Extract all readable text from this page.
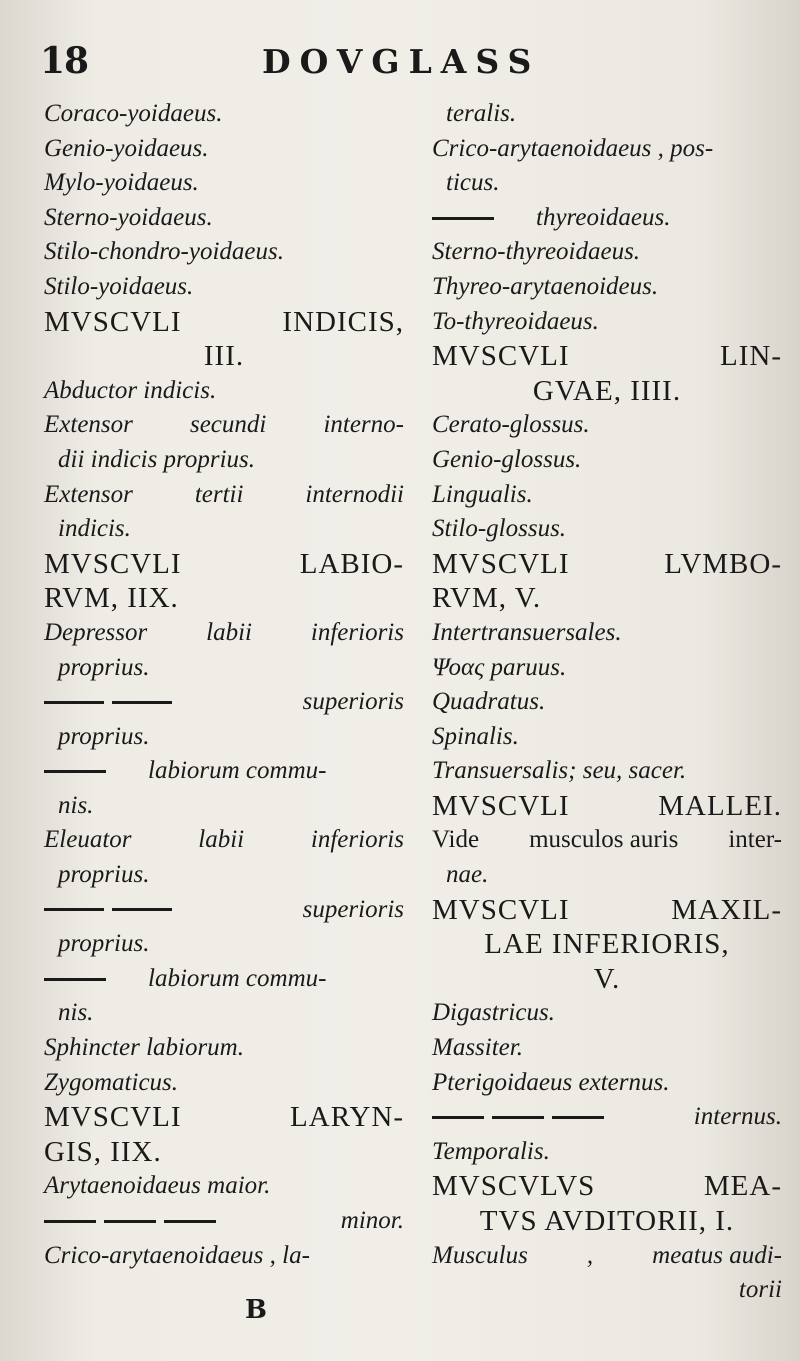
18	DOVGLASS
Coraco-yoidaeus.
Genio-yoidaeus.
Mylo-yoidaeus.
Sterno-yoidaeus.
Stilo-chondro-yoidaeus.
Stilo-yoidaeus.
MVSCVLI	INDICIS,
III.
Abductor indicis.
Extensor secundi interno-
dii indicis proprius.
Extensor tertii internodii
indicis.
MVSCVLI	LABIO-
RVM, IIX.
Depressor labii inferioris
proprius.
superioris
proprius.
labiorum commu-
nis.
Eleuator	labii	inferioris
proprius.
superioris
proprius.
labiorum commu-
nis.
Sphincter labiorum.
Zygomaticus.
MVSCVLI	LARYN-
GIS, IIX.
Arytaenoidaeus maior.
minor.
Crico-arytaenoidaeus , la-
teralis.
Crico-arytaenoidaeus , pos-
ticus.
thyreoidaeus.
Sterno-thyreoidaeus.
Thyreo-arytaenoideus.
To-thyreoidaeus.
MVSCVLI	LIN-
GVAE, IIII.
Cerato-glossus.
Genio-glossus.
Lingualis.
Stilo-glossus.
MVSCVLI	LVMBO-
RVM, V.
Intertransuersales.
Ψοας paruus.
Quadratus.
Spinalis.
Transuersalis; seu, sacer.
MVSCVLI	MALLEI.
Vide musculos auris inter-
nae.
MVSCVLI	MAXIL-
LAE INFERIORIS,
V.
Digastricus.
Massiter.
Pterigoidaeus externus.
internus.
Temporalis.
MVSCVLVS	MEA-
TVS AVDITORII, I.
Musculus , meatus audi-
torii
B
